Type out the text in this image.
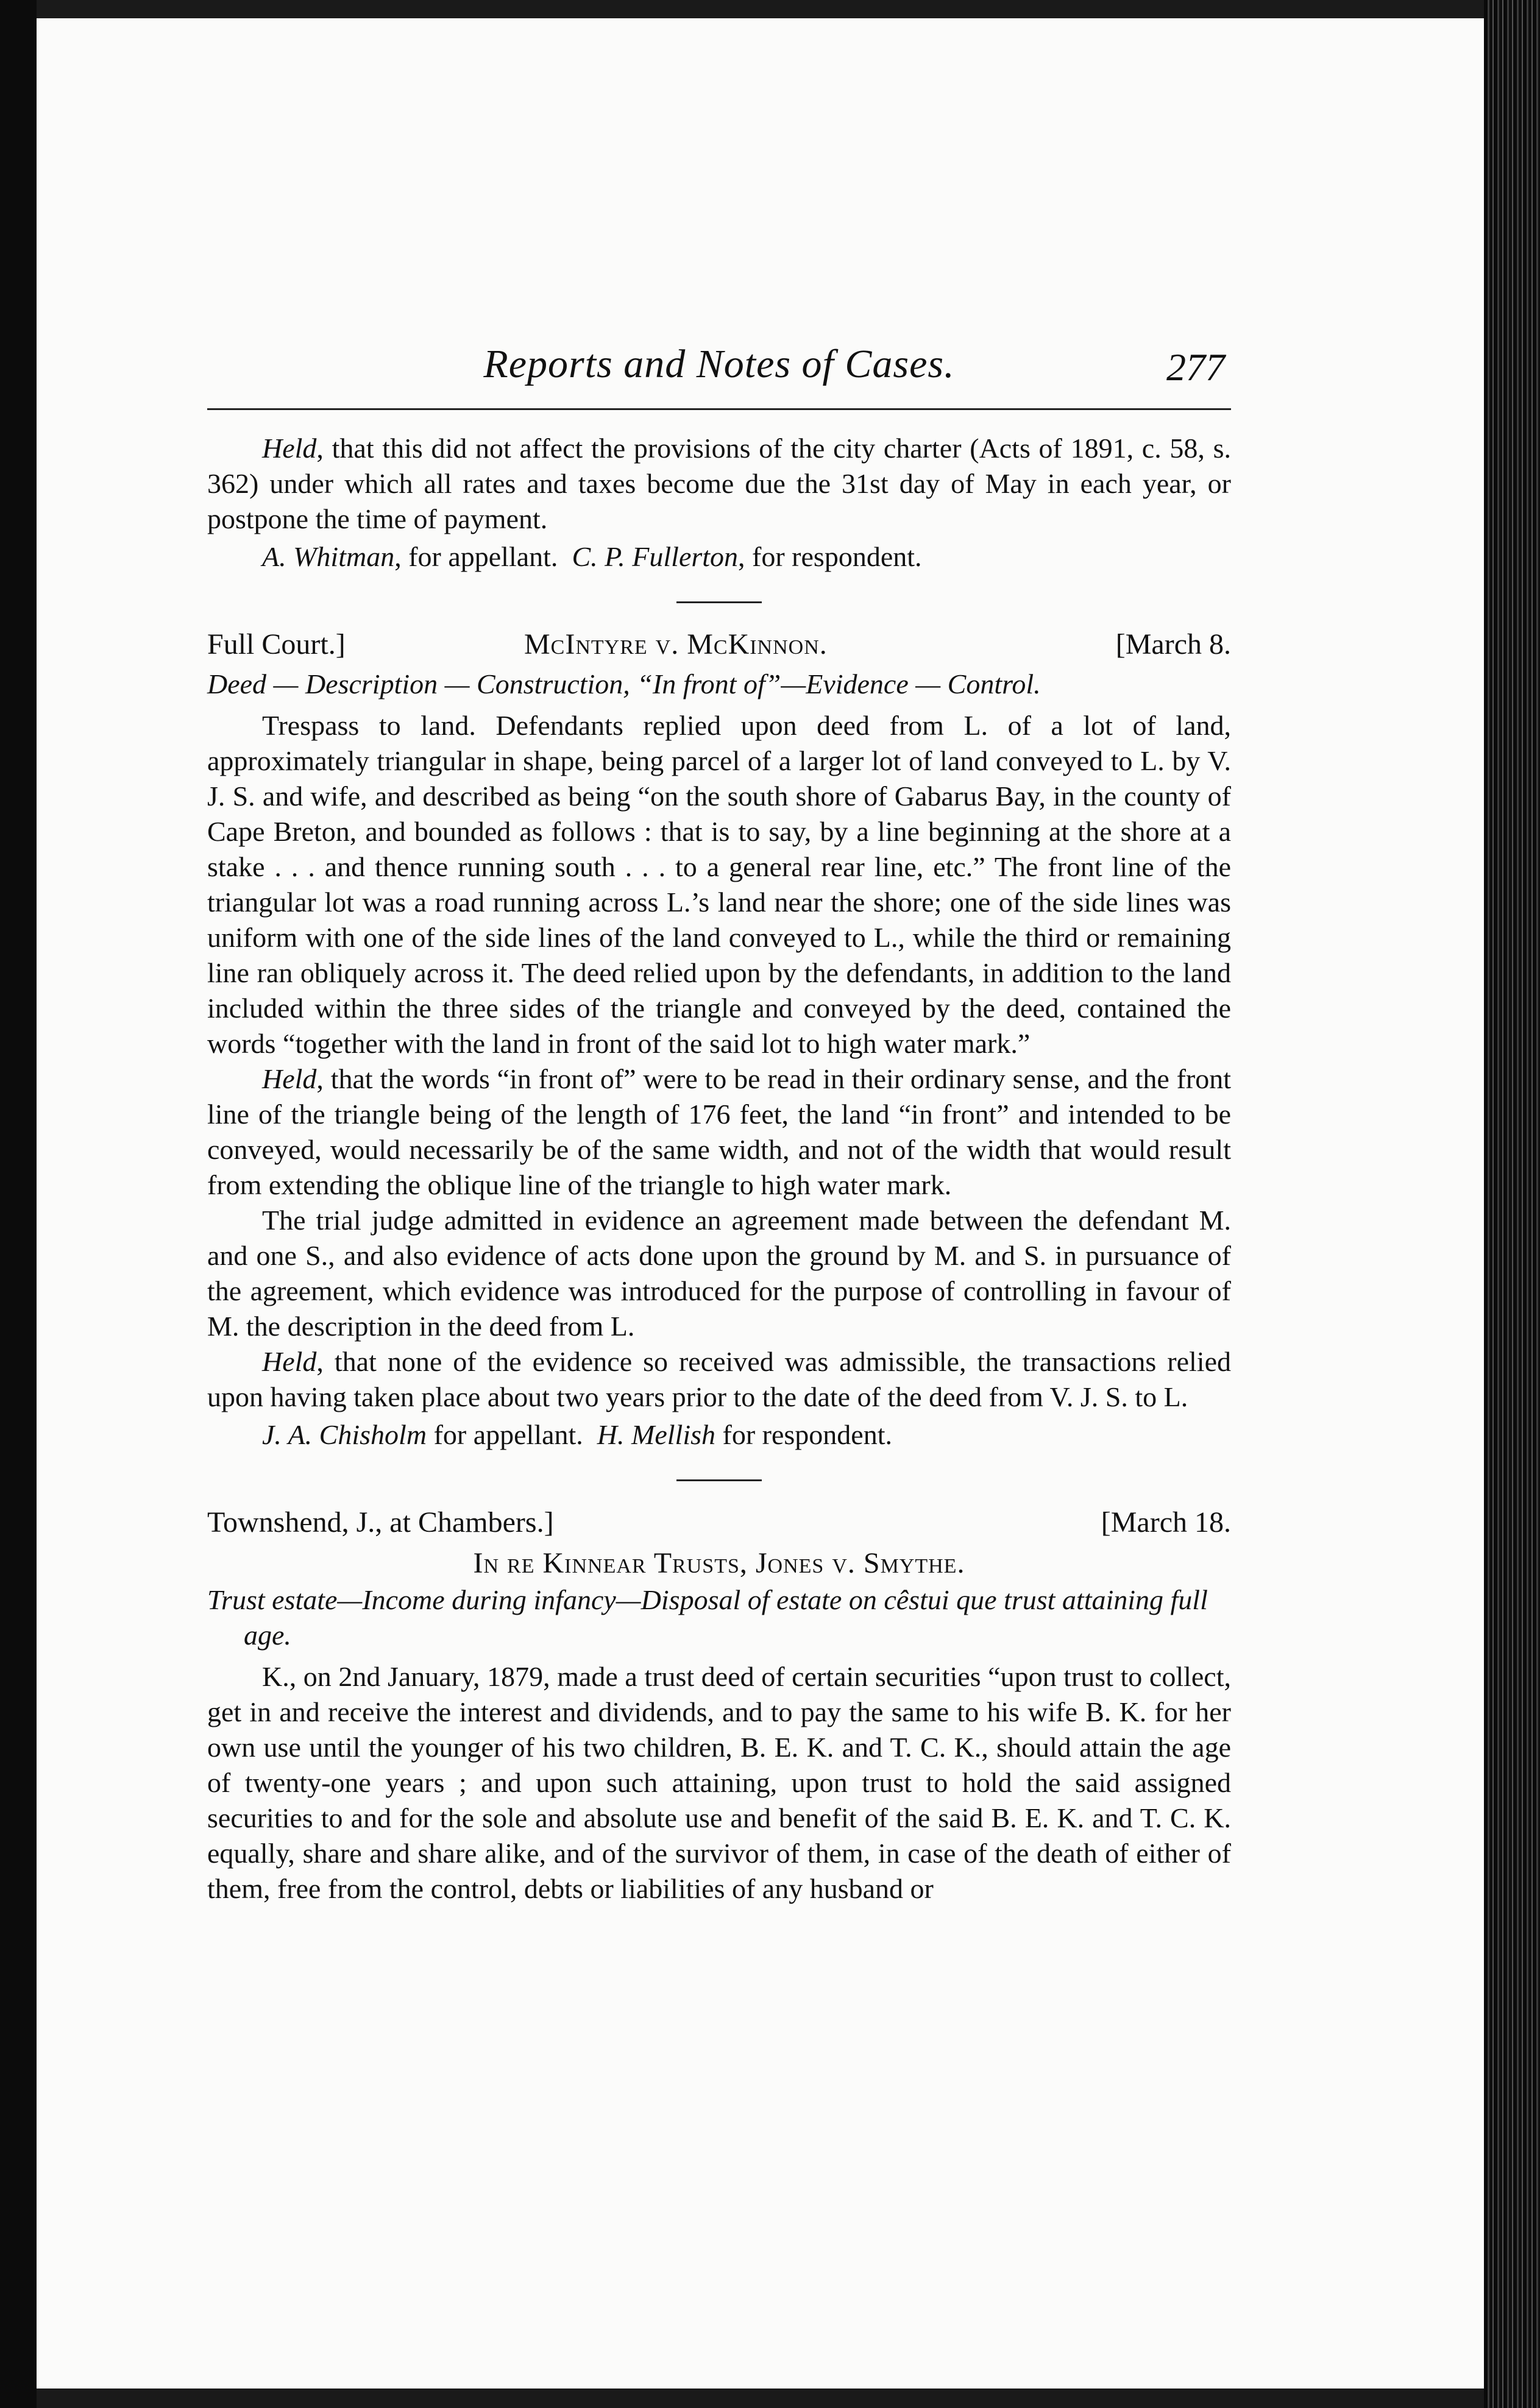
Reports and Notes of Cases.	277

Held, that this did not affect the provisions of the city charter (Acts of 1891, c. 58, s. 362) under which all rates and taxes become due the 31st day of May in each year, or postpone the time of payment.

A. Whitman, for appellant. C. P. Fullerton, for respondent.

Full Court.]	McIntyre v. McKinnon.	[March 8.
Deed — Description — Construction, “In front of”—Evidence — Control.

Trespass to land. Defendants replied upon deed from L. of a lot of land, approximately triangular in shape, being parcel of a larger lot of land conveyed to L. by V. J. S. and wife, and described as being “on the south shore of Gabarus Bay, in the county of Cape Breton, and bounded as follows : that is to say, by a line beginning at the shore at a stake . . . and thence running south . . . to a general rear line, etc.” The front line of the triangular lot was a road running across L.’s land near the shore; one of the side lines was uniform with one of the side lines of the land conveyed to L., while the third or remaining line ran obliquely across it. The deed relied upon by the defendants, in addition to the land included within the three sides of the triangle and conveyed by the deed, contained the words “together with the land in front of the said lot to high water mark.”

Held, that the words “in front of” were to be read in their ordinary sense, and the front line of the triangle being of the length of 176 feet, the land “in front” and intended to be conveyed, would necessarily be of the same width, and not of the width that would result from extending the oblique line of the triangle to high water mark.

The trial judge admitted in evidence an agreement made between the defendant M. and one S., and also evidence of acts done upon the ground by M. and S. in pursuance of the agreement, which evidence was introduced for the purpose of controlling in favour of M. the description in the deed from L.

Held, that none of the evidence so received was admissible, the transactions relied upon having taken place about two years prior to the date of the deed from V. J. S. to L.

J. A. Chisholm for appellant. H. Mellish for respondent.

Townshend, J., at Chambers.]	[March 18.
In re Kinnear Trusts, Jones v. Smythe.
Trust estate—Income during infancy—Disposal of estate on cêstui que trust attaining full age.

K., on 2nd January, 1879, made a trust deed of certain securities “upon trust to collect, get in and receive the interest and dividends, and to pay the same to his wife B. K. for her own use until the younger of his two children, B. E. K. and T. C. K., should attain the age of twenty-one years ; and upon such attaining, upon trust to hold the said assigned securities to and for the sole and absolute use and benefit of the said B. E. K. and T. C. K. equally, share and share alike, and of the survivor of them, in case of the death of either of them, free from the control, debts or liabilities of any husband or
